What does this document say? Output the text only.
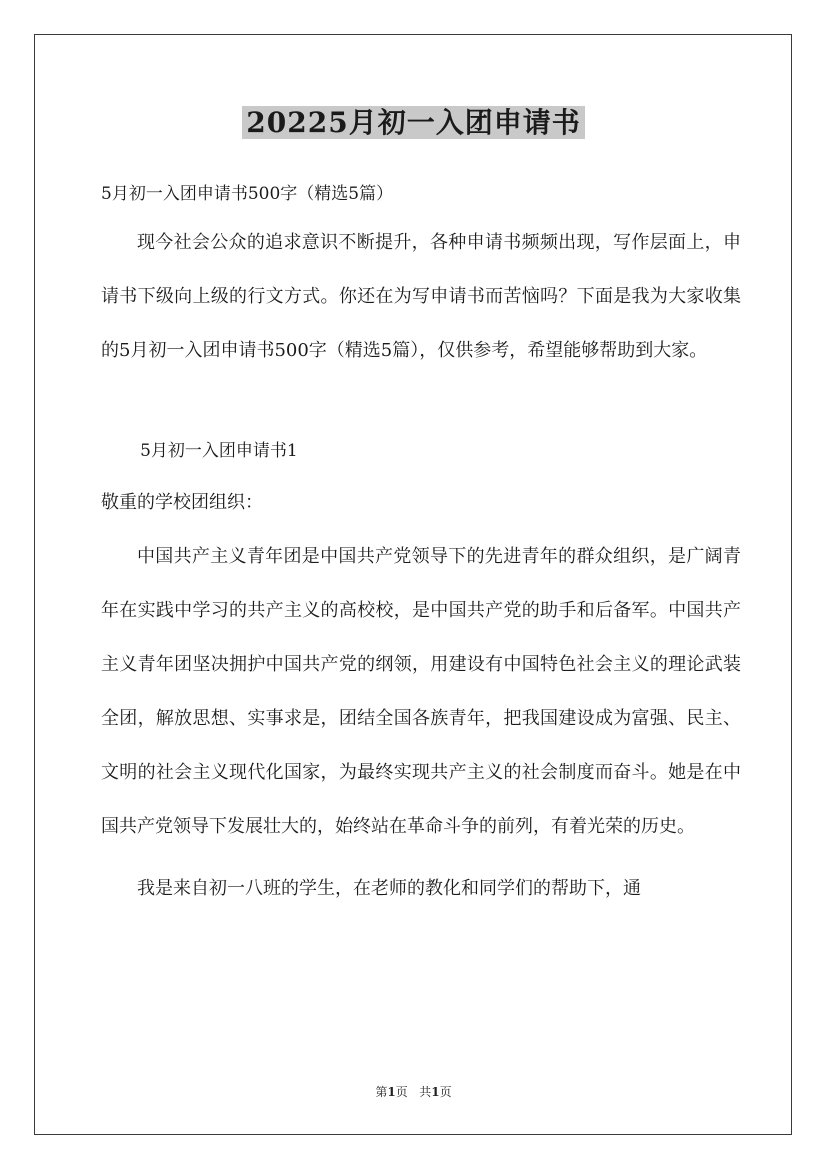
20225月初一入团申请书

5月初一入团申请书500字（精选5篇）

现今社会公众的追求意识不断提升，各种申请书频频出现，写作层面上，申请书下级向上级的行文方式。你还在为写申请书而苦恼吗？下面是我为大家收集的5月初一入团申请书500字（精选5篇），仅供参考，希望能够帮助到大家。

5月初一入团申请书1

敬重的学校团组织：

中国共产主义青年团是中国共产党领导下的先进青年的群众组织，是广阔青年在实践中学习的共产主义的高校校，是中国共产党的助手和后备军。中国共产主义青年团坚决拥护中国共产党的纲领，用建设有中国特色社会主义的理论武装全团，解放思想、实事求是，团结全国各族青年，把我国建设成为富强、民主、文明的社会主义现代化国家，为最终实现共产主义的社会制度而奋斗。她是在中国共产党领导下发展壮大的，始终站在革命斗争的前列，有着光荣的历史。

我是来自初一八班的学生，在老师的教化和同学们的帮助下，通

第1页   共1页
